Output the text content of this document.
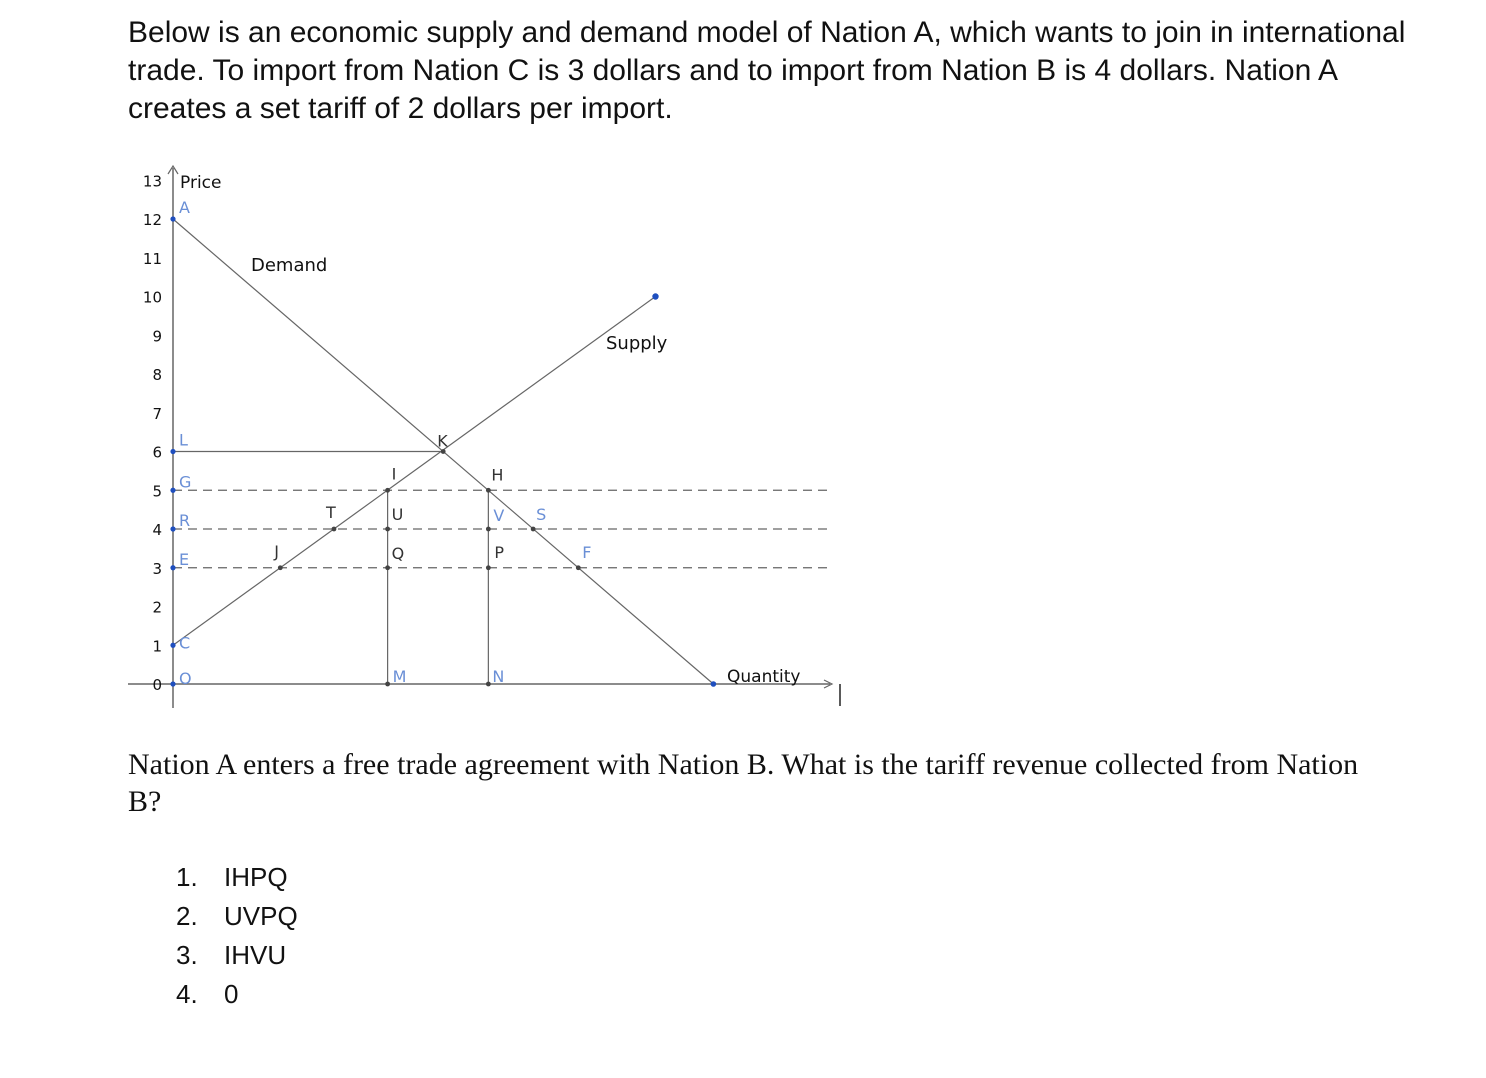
Below is an economic supply and demand model of Nation A, which wants to join in international trade. To import from Nation C is 3 dollars and to import from Nation B is 4 dollars. Nation A creates a set tariff of 2 dollars per import.

0
1
2
3
4
5
6
7
8
9
10
11
12
13 Price
Quantity
Demand
Supply
A
L
G
R
E
C
O
K
I	H
T	U	V S
J	Q	P	F
M	N

Nation A enters a free trade agreement with Nation B. What is the tariff revenue collected from Nation B?

1. IHPQ
2. UVPQ
3. IHVU
4. 0
